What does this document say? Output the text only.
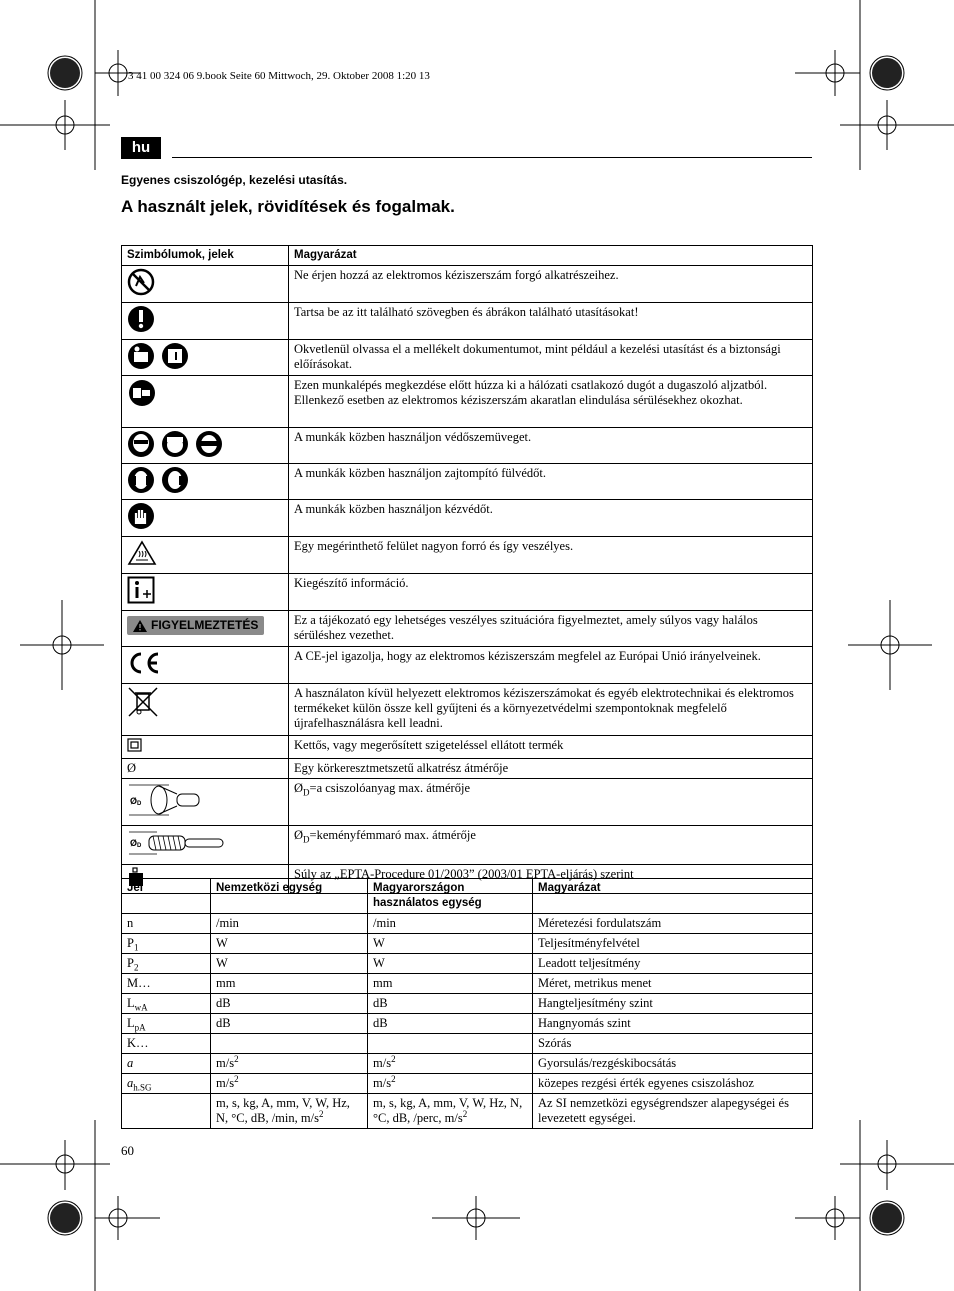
3 41 00 324 06 9.book Seite 60 Mittwoch, 29. Oktober 2008 1:20 13
hu
Egyenes csiszológép, kezelési utasítás.
A használt jelek, rövidítések és fogalmak.
Szimbólumok, jelek	Magyarázat
	Ne érjen hozzá az elektromos kéziszerszám forgó alkatrészeihez.
	Tartsa be az itt található szövegben és ábrákon található utasításokat!

	Okvetlenül olvassa el a mellékelt dokumentumot, mint például a kezelési utasítást és a biztonsági előírásokat.
	Ezen munkalépés megkezdése előtt húzza ki a hálózati csatlakozó dugót a dugaszoló aljzatból. Ellenkező esetben az elektromos kéziszerszám akaratlan elindulása sérülésekhez okozhat.

	A munkák közben használjon védőszemüveget.

	A munkák közben használjon zajtompító fülvédőt.
	A munkák közben használjon kézvédőt.
	Egy megérinthető felület nagyon forró és így veszélyes.
	Kiegészítő információ.

FIGYELMEZTETÉS	Ez a tájékozató egy lehetséges veszélyes szituációra figyelmeztet, amely súlyos vagy halálos sérüléshez vezethet.
	A CE-jel igazolja, hogy az elektromos kéziszerszám megfelel az Európai Unió irányelveinek.
	A használaton kívül helyezett elektromos kéziszerszámokat és egyéb elektrotechnikai és elektromos termékeket külön össze kell gyűjteni és a környezetvédelmi szempontoknak megfelelő újrafelhasználásra kell leadni.
	Kettős, vagy megerősített szigeteléssel ellátott termék
Ø	Egy körkeresztmetszetű alkatrész átmérője

Ø D	$Ø_D=a$ csiszolóanyag max. átmérője

Ø D	$Ø_D=keményfémmaró$ max. átmérője
	Súly az „EPTA-Procedure 01/2003” (2003/01 EPTA-eljárás) szerint
Jel	Nemzetközi egység	Magyarországon használatos egység	Magyarázat
n	/min	/min	Méretezési fordulatszám
$P_1$	W	W	Teljesítményfelvétel
$P_2$	W	W	Leadott teljesítmény
M…	mm	mm	Méret, metrikus menet
$L_{wA}$	dB	dB	Hangteljesítmény szint
$L_{pA}$	dB	dB	Hangnyomás szint
K…			Szórás
a	$m/s^2$	$m/s^2$	Gyorsulás/rezgéskibocsátás
$a_{h.SG}$	$m/s^2$	$m/s^2$	közepes rezgési érték egyenes csiszoláshoz
	m, s, kg, A, mm, V, W, Hz, N, °C, dB, /min, $m/s^2$	m, s, kg, A, mm, V, W, Hz, N, °C, dB, /perc, $m/s^2$	Az SI nemzetközi egységrendszer alapegységei és levezetett egységei.
60
